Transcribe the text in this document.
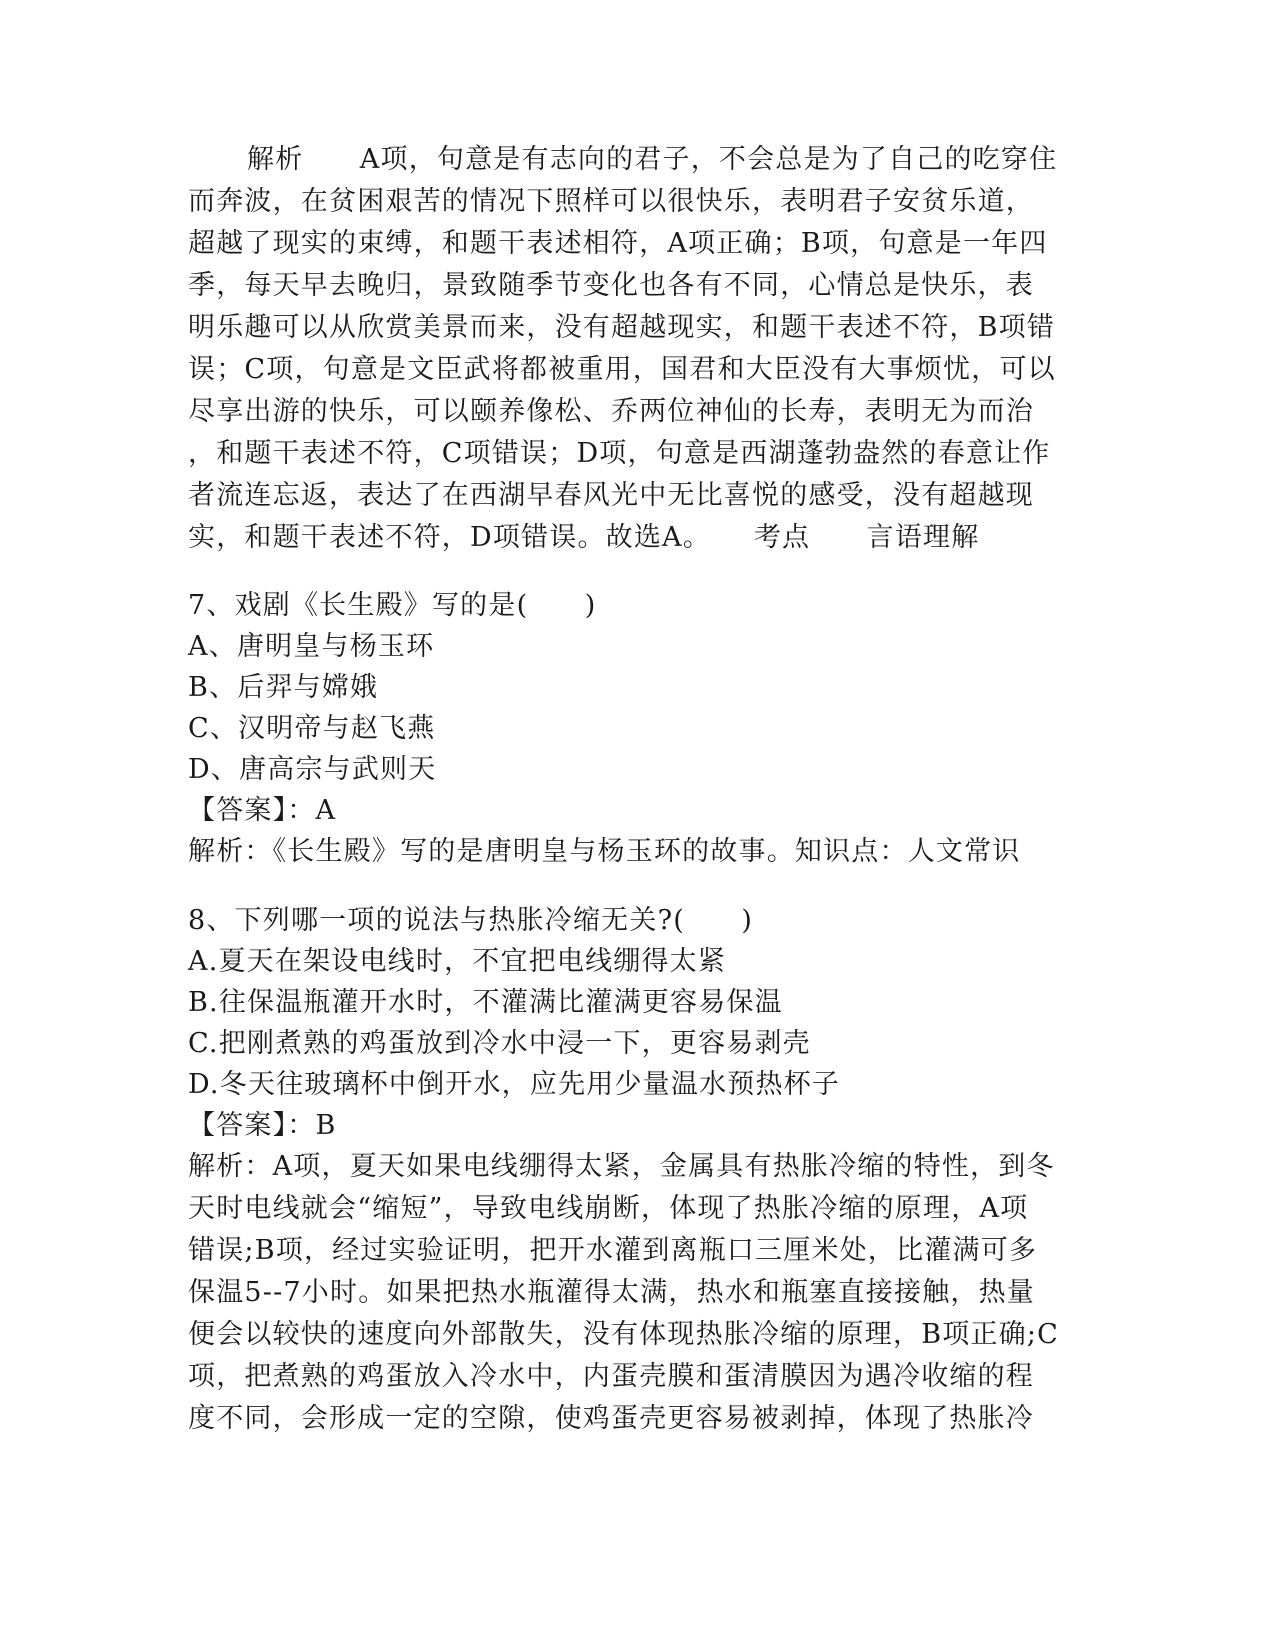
解析　　A项，句意是有志向的君子，不会总是为了自己的吃穿住
而奔波，在贫困艰苦的情况下照样可以很快乐，表明君子安贫乐道，
超越了现实的束缚，和题干表述相符，A项正确；B项，句意是一年四
季，每天早去晚归，景致随季节变化也各有不同，心情总是快乐，表
明乐趣可以从欣赏美景而来，没有超越现实，和题干表述不符，B项错
误；C项，句意是文臣武将都被重用，国君和大臣没有大事烦忧，可以
尽享出游的快乐，可以颐养像松、乔两位神仙的长寿，表明无为而治
，和题干表述不符，C项错误；D项，句意是西湖蓬勃盎然的春意让作
者流连忘返，表达了在西湖早春风光中无比喜悦的感受，没有超越现
实，和题干表述不符，D项错误。故选A。　　考点　　言语理解
7、戏剧《长生殿》写的是(　　)
A、唐明皇与杨玉环
B、后羿与嫦娥
C、汉明帝与赵飞燕
D、唐高宗与武则天
【答案】：A
解析：《长生殿》写的是唐明皇与杨玉环的故事。知识点：人文常识
8、下列哪一项的说法与热胀冷缩无关?(　　)
A.夏天在架设电线时，不宜把电线绷得太紧
B.往保温瓶灌开水时，不灌满比灌满更容易保温
C.把刚煮熟的鸡蛋放到冷水中浸一下，更容易剥壳
D.冬天往玻璃杯中倒开水，应先用少量温水预热杯子
【答案】：B
解析：A项，夏天如果电线绷得太紧，金属具有热胀冷缩的特性，到冬
天时电线就会“缩短”，导致电线崩断，体现了热胀冷缩的原理，A项
错误;B项，经过实验证明，把开水灌到离瓶口三厘米处，比灌满可多
保温5--7小时。如果把热水瓶灌得太满，热水和瓶塞直接接触，热量
便会以较快的速度向外部散失，没有体现热胀冷缩的原理，B项正确;C
项，把煮熟的鸡蛋放入冷水中，内蛋壳膜和蛋清膜因为遇冷收缩的程
度不同，会形成一定的空隙，使鸡蛋壳更容易被剥掉，体现了热胀冷
